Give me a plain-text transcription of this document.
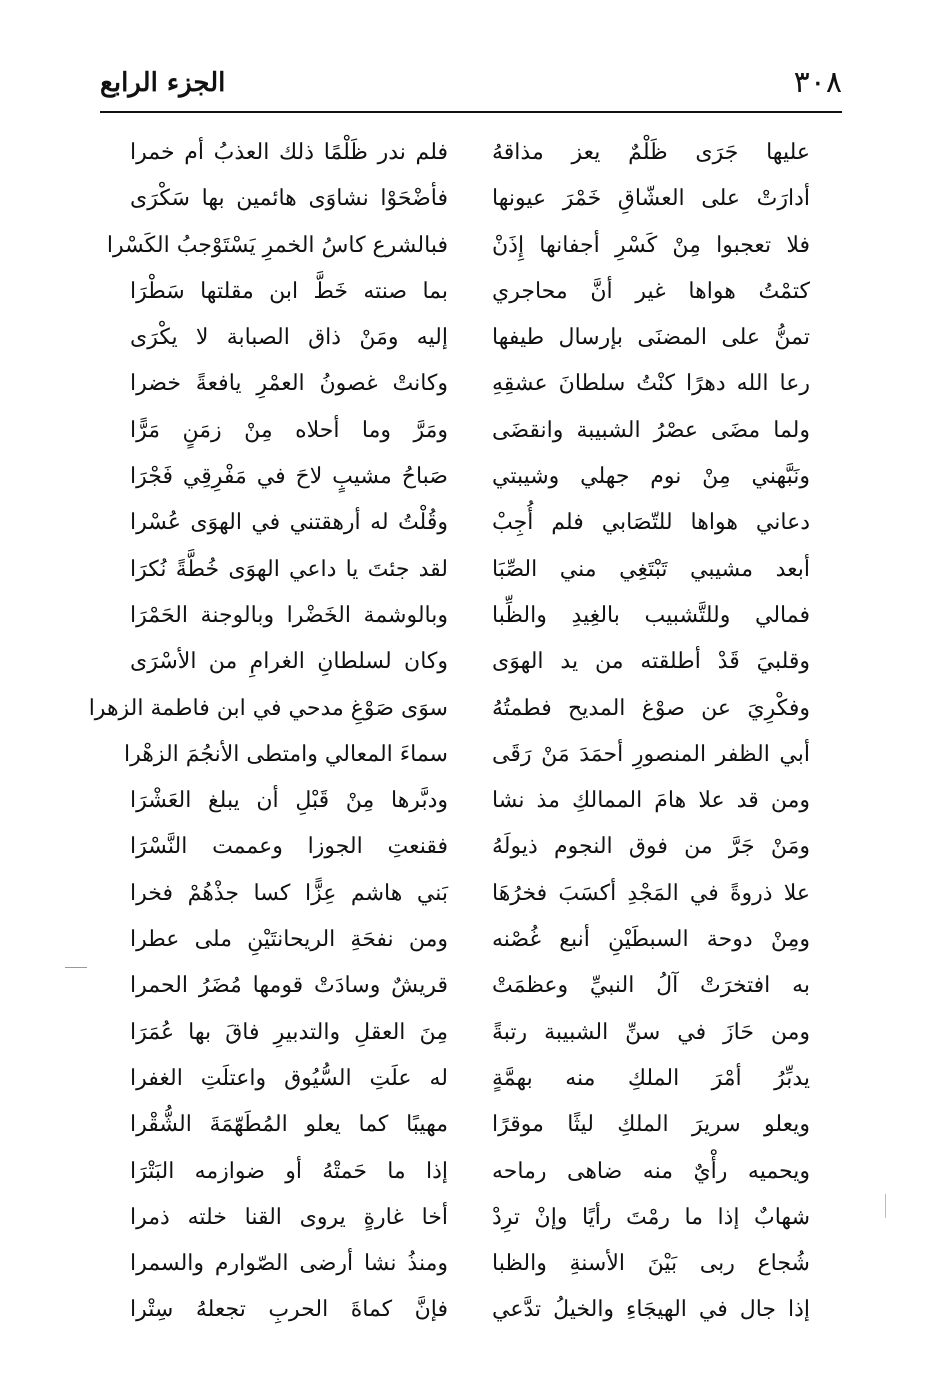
٣٠٨
الجزء الرابع
عليها جَرَى ظَلْمٌ يعز مذاقهُ
أدارَتْ على العشّاقِ خَمْرَ عيونها
فلا تعجبوا مِنْ كَسْرِ أجفانها إِذَنْ
كتمْتُ هواها غير أنَّ محاجري
تمنُّ على المضنَى بإرسال طيفها
رعا الله دهرًا كنْتُ سلطانَ عشقِهِ
ولما مضَى عصْرُ الشبيبة وانقضَى
ونَبَّهني مِنْ نوم جهلي وشيبتي
دعاني هواها للتّصَابي فلم أُجِبْ
أبعد مشيبي تَبْتَغِي مني الصِّبَا
فمالي وللتَّشبيب بالغِيدِ والظِّبا
وقلبيَ قَدْ أطلقته من يد الهوَى
وفكْرِيَ عن صوْغ المديح فطمتُهُ
أبي الظفر المنصورِ أحمَدَ مَنْ رَقَى
ومن قد علا هامَ الممالكِ مذ نشا
ومَنْ جَرَّ من فوق النجوم ذيولَهُ
علا ذروةً في المَجْدِ أكسَبَ فخرُهَا
ومِنْ دوحة السبطَيْنِ أنبع غُصْنه
به افتخرَتْ آلُ النبيِّ وعظمَتْ
ومن حَازَ في سنِّ الشبيبة رتبةً
يدبِّرُ أمْرَ الملكِ منه بهمَّةٍ
ويعلو سريرَ الملكِ ليثًا موقرًا
ويحميه رأْيٌ منه ضاهى رماحه
شهابٌ إذا ما رمْتَ رأيًا وإنْ ترِدْ
شُجاع ربى بَيْنَ الأسنةِ والظبا
إذا جال في الهيجَاءِ والخيلُ تدَّعي
فلم ندر ظَلْمًا ذلك العذبُ أم خمرا
فأضْحَوْا نشاوَى هائمين بها سَكْرَى
فبالشرع كاسُ الخمرِ يَسْتَوْجبُ الكَسْرا
بما صنته خَطَّ ابن مقلتها سَطْرَا
إليه ومَنْ ذاق الصبابة لا يكْرَى
وكانتْ غصونُ العمْرِ يافعةً خضرا
ومَرَّ وما أحلاه مِنْ زمَنٍ مَرًّا
صَباحُ مشيبٍ لاحَ في مَفْرِقِي فَجْرَا
وقُلْتُ له أرهقتني في الهوَى عُسْرا
لقد جئتَ يا داعي الهوَى خُطَّةً نُكرَا
وبالوشمة الخَضْرا وبالوجنة الحَمْرَا
وكان لسلطانِ الغرامِ من الأسْرَى
سوَى صَوْغِ مدحي في ابن فاطمة الزهرا
سماءَ المعالي وامتطى الأنجُمَ الزهْرا
ودبَّرها مِنْ قَبْلِ أن يبلغ العَشْرَا
فقنعتِ الجوزا وعممت النَّسْرَا
بَني هاشم عِزًّا كسا جذْهُمْ فخرا
ومن نفحَةِ الريحانتَيْنِ ملى عطرا
قريشٌ وسادَتْ قومها مُضَرُ الحمرا
مِنَ العقلِ والتدبيرِ فاقَ بها عُمَرَا
له علَتِ السُّيُوق واعتلَتِ الغفرا
مهيبًا كما يعلو المُطَهّمَةَ الشُّقْرا
إذا ما حَمتْهُ أو ضوازمه البَتْرَا
أخا غارةٍ يروى القنا خلته ذمرا
ومنذُ نشا أرضى الصّوارم والسمرا
فإنَّ كماةَ الحربِ تجعلهُ سِتْرا
